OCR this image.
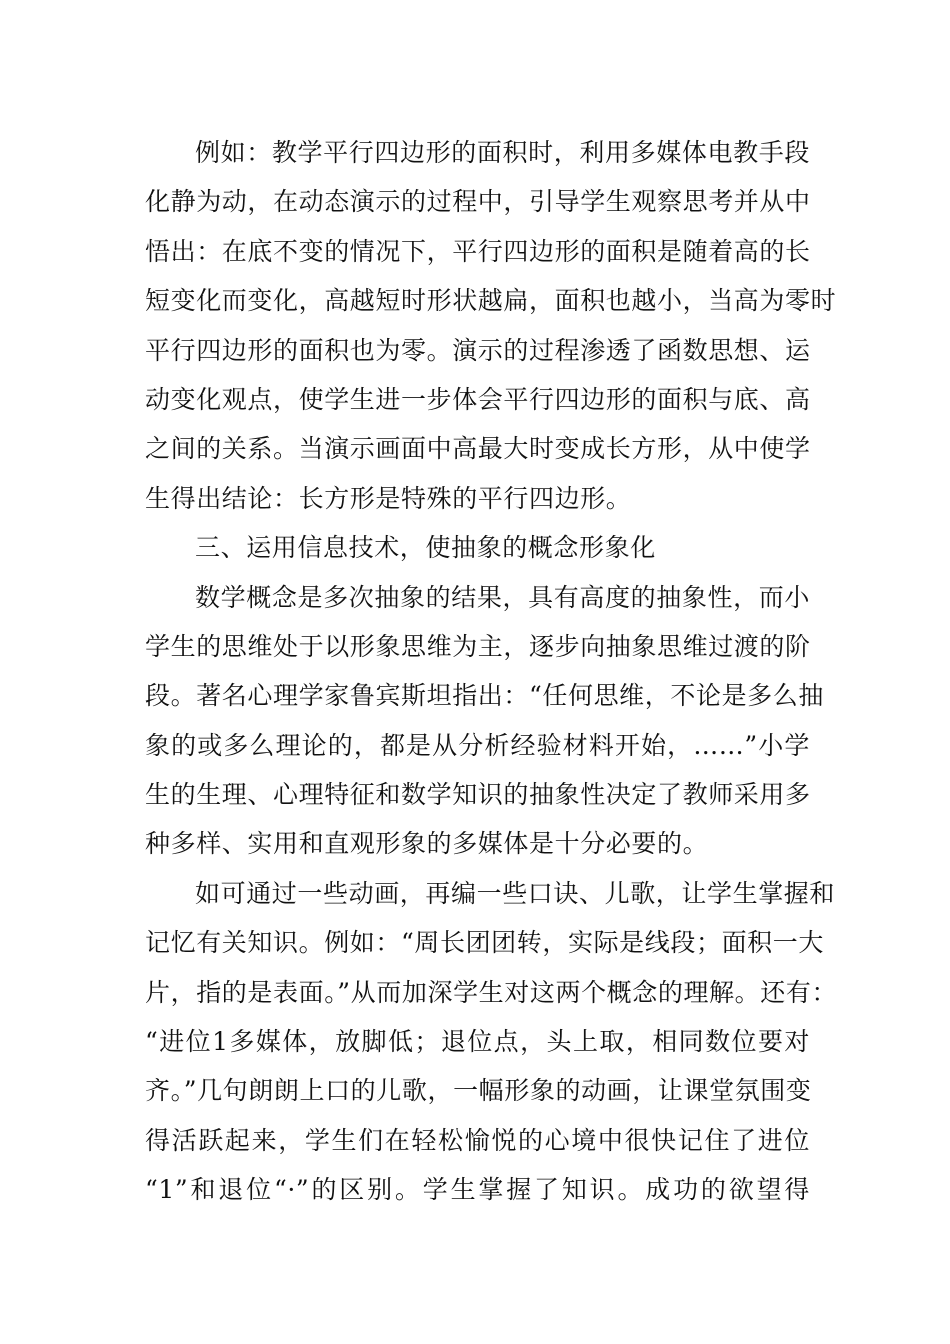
例如：教学平行四边形的面积时，利用多媒体电教手段
化静为动，在动态演示的过程中，引导学生观察思考并从中
悟出：在底不变的情况下，平行四边形的面积是随着高的长
短变化而变化，高越短时形状越扁，面积也越小，当高为零时
平行四边形的面积也为零。演示的过程渗透了函数思想、运
动变化观点，使学生进一步体会平行四边形的面积与底、高
之间的关系。当演示画面中高最大时变成长方形，从中使学
生得出结论：长方形是特殊的平行四边形。
三、运用信息技术，使抽象的概念形象化
数学概念是多次抽象的结果，具有高度的抽象性，而小
学生的思维处于以形象思维为主，逐步向抽象思维过渡的阶
段。著名心理学家鲁宾斯坦指出：“任何思维，不论是多么抽
象的或多么理论的，都是从分析经验材料开始，……”小学
生的生理、心理特征和数学知识的抽象性决定了教师采用多
种多样、实用和直观形象的多媒体是十分必要的。
如可通过一些动画，再编一些口诀、儿歌，让学生掌握和
记忆有关知识。例如：“周长团团转，实际是线段；面积一大
片，指的是表面。”从而加深学生对这两个概念的理解。还有：
“进位1多媒体，放脚低；退位点，头上取，相同数位要对
齐。”几句朗朗上口的儿歌，一幅形象的动画，让课堂氛围变
得活跃起来，学生们在轻松愉悦的心境中很快记住了进位
“1”和退位“·”的区别。学生掌握了知识。成功的欲望得
